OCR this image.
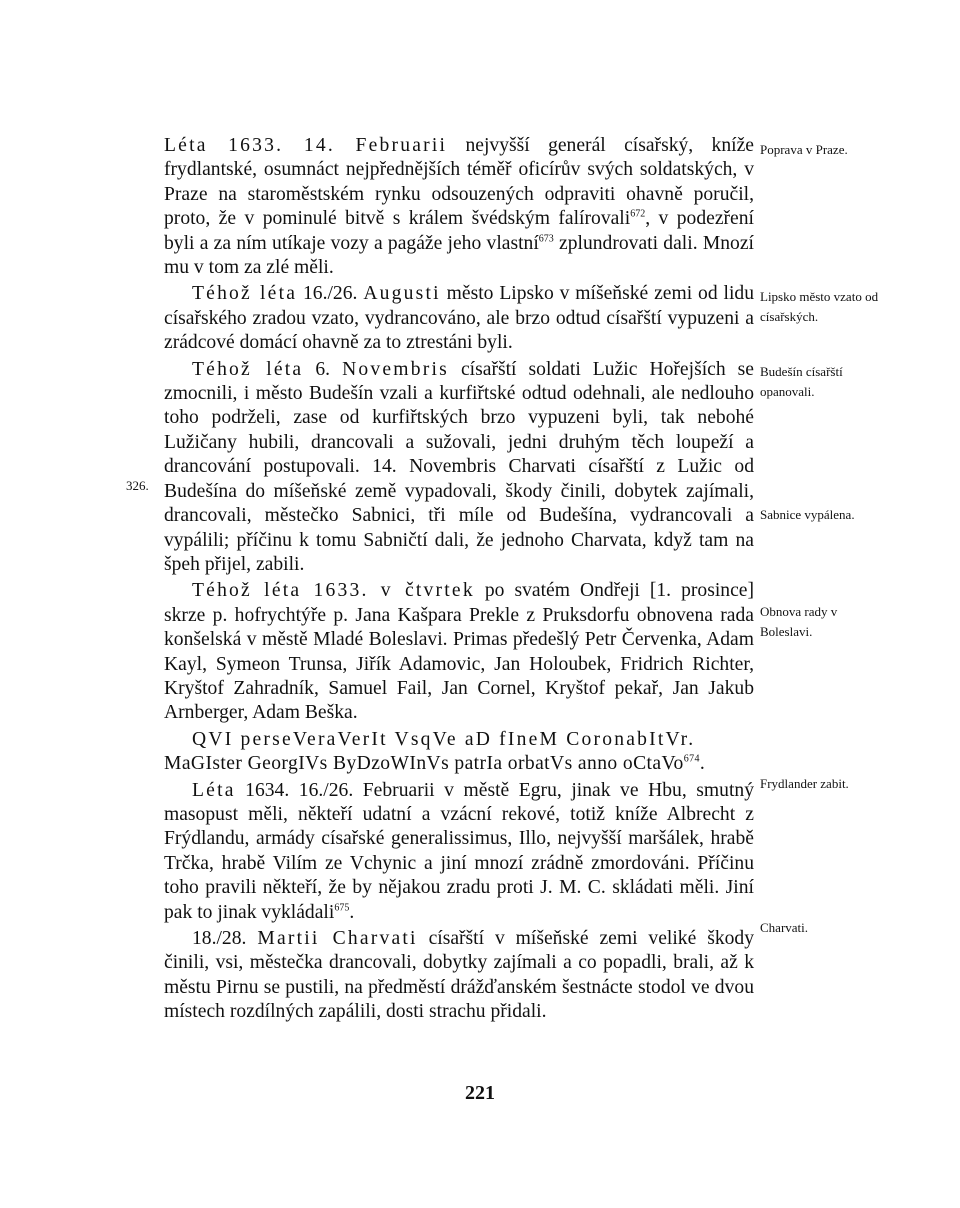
Léta 1633. 14. Februarii nejvyšší generál císařský, kníže frydlantské, osumnáct nejpřednějších téměř oficírův svých soldatských, v Praze na staroměstském rynku odsouzených odpraviti ohavně poručil, proto, že v pominulé bitvě s králem švédským falírovali$^{672}$, v podezření byli a za ním utíkaje vozy a pagáže jeho vlastní$^{673}$ zplundrovati dali. Mnozí mu v tom za zlé měli.

Téhož léta 16./26. Augusti město Lipsko v míšeňské zemi od lidu císařského zradou vzato, vydrancováno, ale brzo odtud císařští vypuzeni a zrádcové domácí ohavně za to ztrestáni byli.

Téhož léta 6. Novembris císařští soldati Lužic Hořejších se zmocnili, i město Budešín vzali a kurfiřtské odtud odehnali, ale nedlouho toho podrželi, zase od kurfiřtských brzo vypuzeni byli, tak nebohé Lužičany hubili, drancovali a sužovali, jedni druhým těch loupeží a drancování postupovali. 14. Novembris Charvati císařští z Lužic od Budešína do míšeňské země vypadovali, škody činili, dobytek zajímali, drancovali, městečko Sabnici, tři míle od Budešína, vydrancovali a vypálili; příčinu k tomu Sabničtí dali, že jednoho Charvata, když tam na špeh přijel, zabili.

Téhož léta 1633. v čtvrtek po svatém Ondřeji [1. prosince] skrze p. hofrychtýře p. Jana Kašpara Prekle z Pruksdorfu obnovena rada konšelská v městě Mladé Boleslavi. Primas předešlý Petr Červenka, Adam Kayl, Symeon Trunsa, Jiřík Adamovic, Jan Holoubek, Fridrich Richter, Kryštof Zahradník, Samuel Fail, Jan Cornel, Kryštof pekař, Jan Jakub Arnberger, Adam Beška.

QVI perseVeraVerIt VsqVe aD fIneM CoronabItVr.
MaGIster GeorgIVs ByDzoWInVs patrIa orbatVs anno oCtaVo$^{674}$.

Léta 1634. 16./26. Februarii v městě Egru, jinak ve Hbu, smutný masopust měli, někteří udatní a vzácní rekové, totiž kníže Albrecht z Frýdlandu, armády císařské generalissimus, Illo, nejvyšší maršálek, hrabě Trčka, hrabě Vilím ze Vchynic a jiní mnozí zrádně zmordováni. Příčinu toho pravili někteří, že by nějakou zradu proti J. M. C. skládati měli. Jiní pak to jinak vykládali$^{675}$.

18./28. Martii Charvati císařští v míšeňské zemi veliké škody činili, vsi, městečka drancovali, dobytky zajímali a co popadli, brali, až k městu Pirnu se pustili, na předměstí drážďanském šestnácte stodol ve dvou místech rozdílných zapálili, dosti strachu přidali.

Poprava v Praze.
Lipsko město vzato od císařských.
Budešín císařští opanovali.
Sabnice vypálena.
Obnova rady v Boleslavi.
Frydlander zabit.
Charvati.
326.
221
